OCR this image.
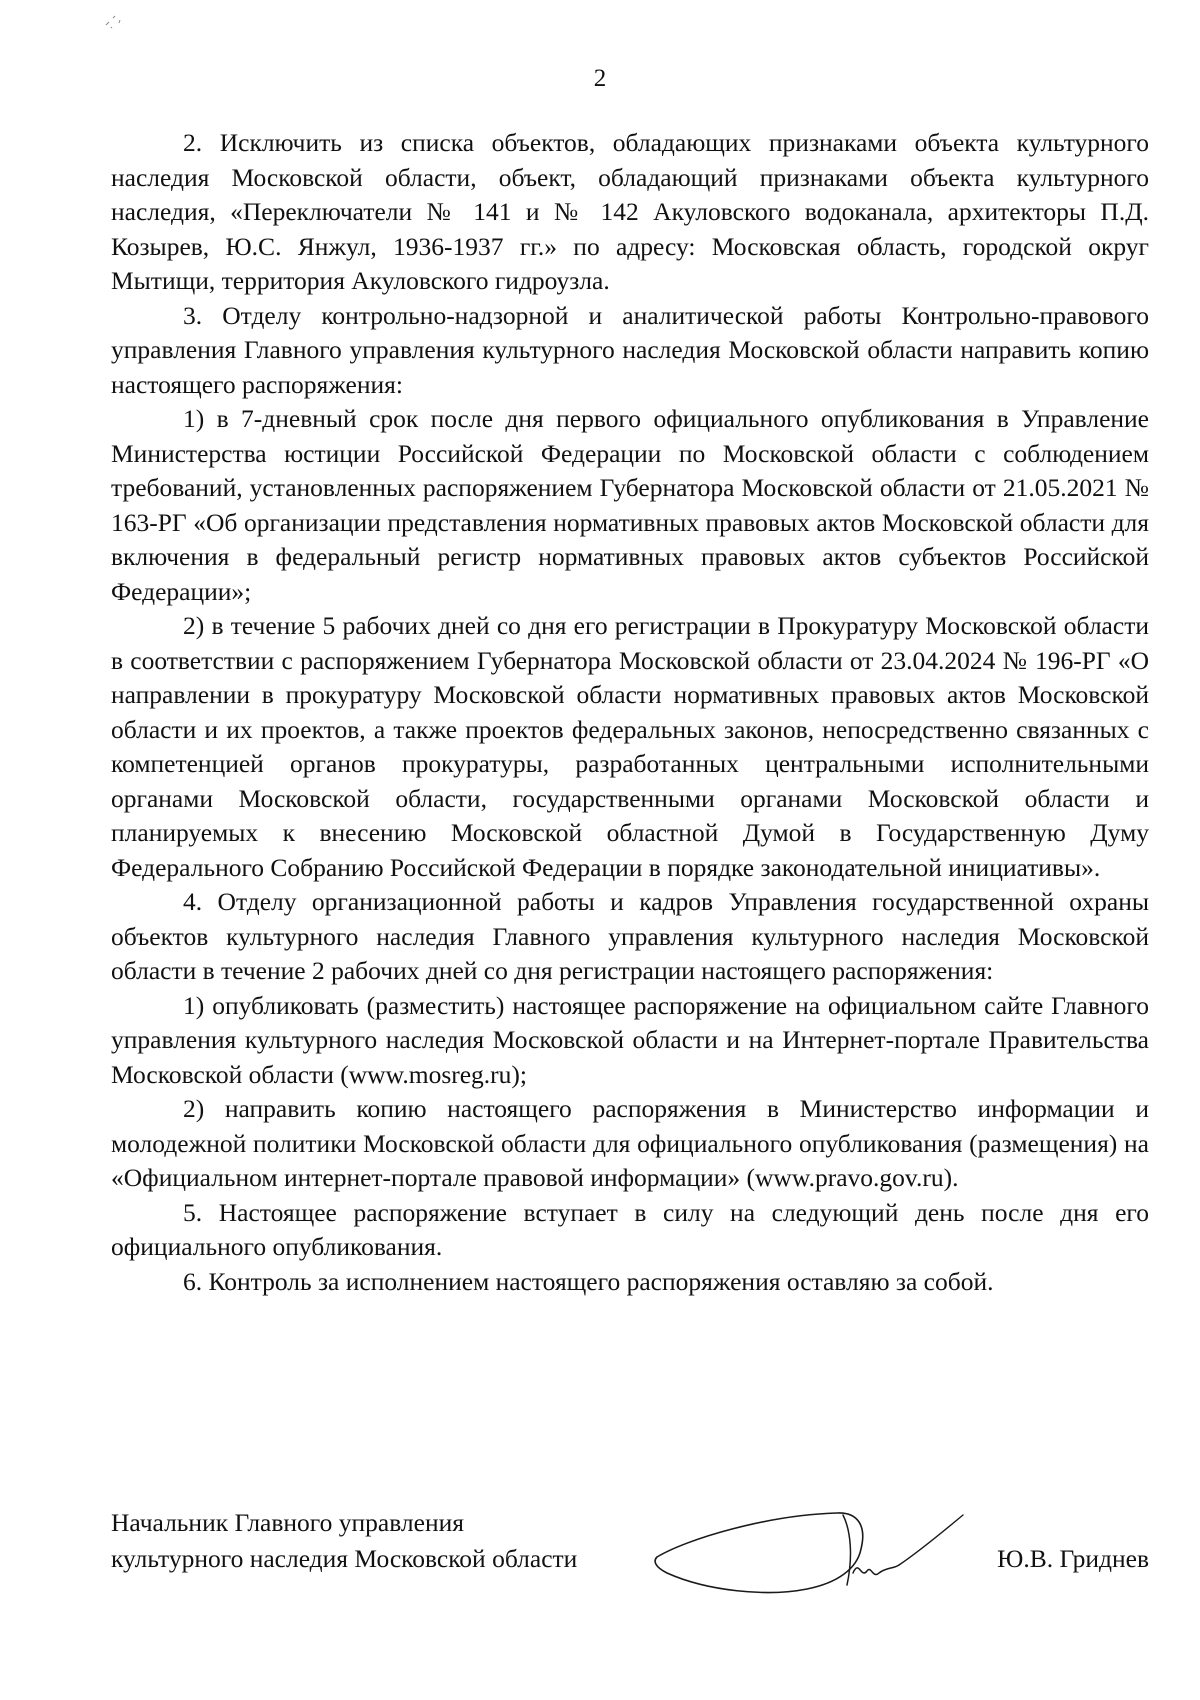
2

2. Исключить из списка объектов, обладающих признаками объекта культурного наследия Московской области, объект, обладающий признаками объекта культурного наследия, «Переключатели № 141 и № 142 Акуловского водоканала, архитекторы П.Д. Козырев, Ю.С. Янжул, 1936-1937 гг.» по адресу: Московская область, городской округ Мытищи, территория Акуловского гидроузла.

3. Отделу контрольно-надзорной и аналитической работы Контрольно-правового управления Главного управления культурного наследия Московской области направить копию настоящего распоряжения:

1) в 7-дневный срок после дня первого официального опубликования в Управление Министерства юстиции Российской Федерации по Московской области с соблюдением требований, установленных распоряжением Губернатора Московской области от 21.05.2021 № 163-РГ «Об организации представления нормативных правовых актов Московской области для включения в федеральный регистр нормативных правовых актов субъектов Российской Федерации»;

2) в течение 5 рабочих дней со дня его регистрации в Прокуратуру Московской области в соответствии с распоряжением Губернатора Московской области от 23.04.2024 № 196-РГ «О направлении в прокуратуру Московской области нормативных правовых актов Московской области и их проектов, а также проектов федеральных законов, непосредственно связанных с компетенцией органов прокуратуры, разработанных центральными исполнительными органами Московской области, государственными органами Московской области и планируемых к внесению Московской областной Думой в Государственную Думу Федерального Собранию Российской Федерации в порядке законодательной инициативы».

4. Отделу организационной работы и кадров Управления государственной охраны объектов культурного наследия Главного управления культурного наследия Московской области в течение 2 рабочих дней со дня регистрации настоящего распоряжения:

1) опубликовать (разместить) настоящее распоряжение на официальном сайте Главного управления культурного наследия Московской области и на Интернет-портале Правительства Московской области (www.mosreg.ru);

2) направить копию настоящего распоряжения в Министерство информации и молодежной политики Московской области для официального опубликования (размещения) на «Официальном интернет-портале правовой информации» (www.pravo.gov.ru).

5. Настоящее распоряжение вступает в силу на следующий день после дня его официального опубликования.

6. Контроль за исполнением настоящего распоряжения оставляю за собой.

Начальник Главного управления
культурного наследия Московской области	Ю.В. Гриднев
